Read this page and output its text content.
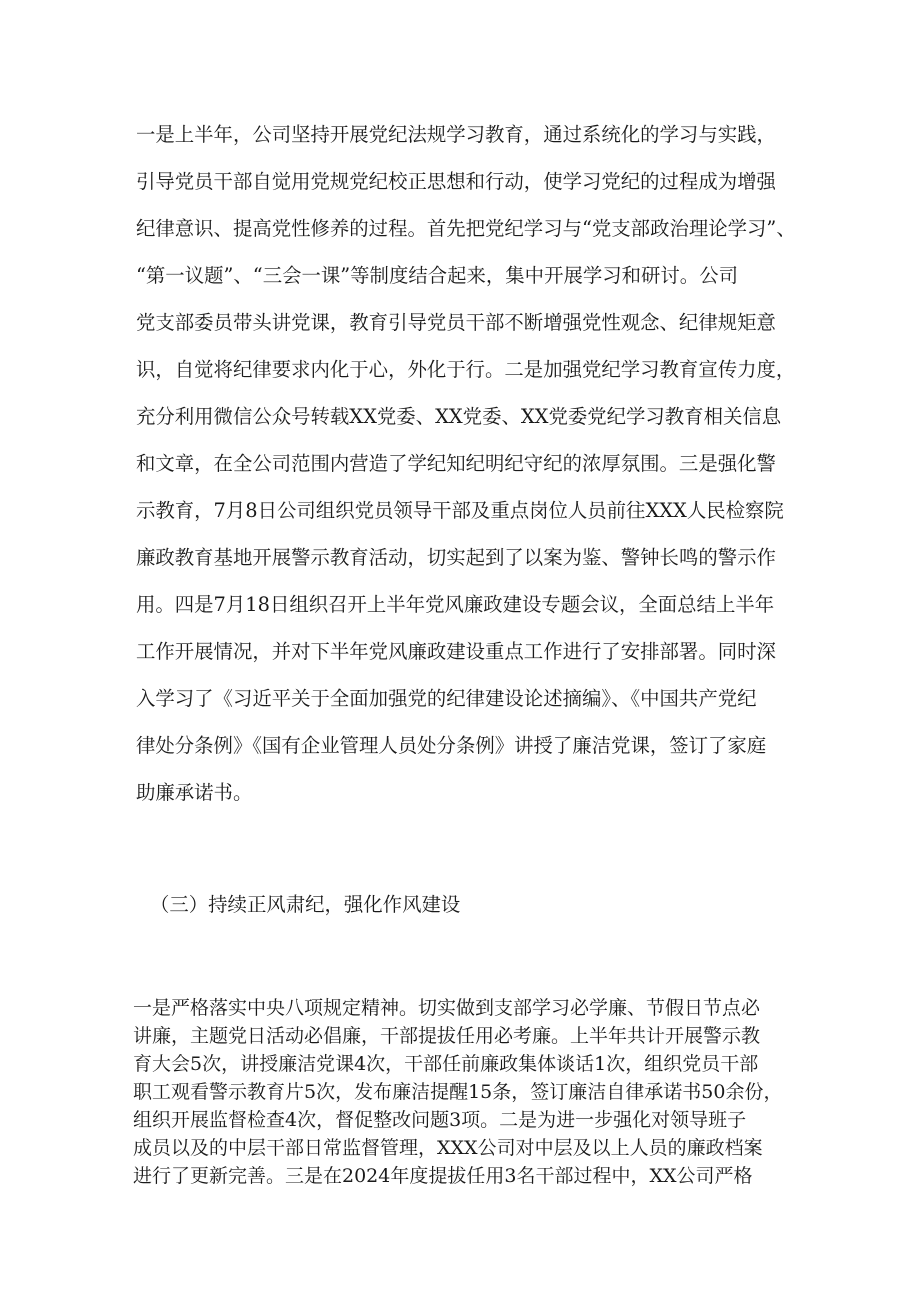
一是上半年，公司坚持开展党纪法规学习教育，通过系统化的学习与实践，
引导党员干部自觉用党规党纪校正思想和行动，使学习党纪的过程成为增强
纪律意识、提高党性修养的过程。首先把党纪学习与“党支部政治理论学习”、
“第一议题”、“三会一课”等制度结合起来，集中开展学习和研讨。公司
党支部委员带头讲党课，教育引导党员干部不断增强党性观念、纪律规矩意
识，自觉将纪律要求内化于心，外化于行。二是加强党纪学习教育宣传力度，
充分利用微信公众号转载XX党委、XX党委、XX党委党纪学习教育相关信息
和文章，在全公司范围内营造了学纪知纪明纪守纪的浓厚氛围。三是强化警
示教育，7月8日公司组织党员领导干部及重点岗位人员前往XXX人民检察院
廉政教育基地开展警示教育活动，切实起到了以案为鉴、警钟长鸣的警示作
用。四是7月18日组织召开上半年党风廉政建设专题会议，全面总结上半年
工作开展情况，并对下半年党风廉政建设重点工作进行了安排部署。同时深
入学习了《习近平关于全面加强党的纪律建设论述摘编》、《中国共产党纪
律处分条例》《国有企业管理人员处分条例》讲授了廉洁党课，签订了家庭
助廉承诺书。
（三）持续正风肃纪，强化作风建设
一是严格落实中央八项规定精神。切实做到支部学习必学廉、节假日节点必
讲廉，主题党日活动必倡廉，干部提拔任用必考廉。上半年共计开展警示教
育大会5次，讲授廉洁党课4次，干部任前廉政集体谈话1次，组织党员干部
职工观看警示教育片5次，发布廉洁提醒15条，签订廉洁自律承诺书50余份，
组织开展监督检查4次，督促整改问题3项。二是为进一步强化对领导班子
成员以及的中层干部日常监督管理，XXX公司对中层及以上人员的廉政档案
进行了更新完善。三是在2024年度提拔任用3名干部过程中，XX公司严格
